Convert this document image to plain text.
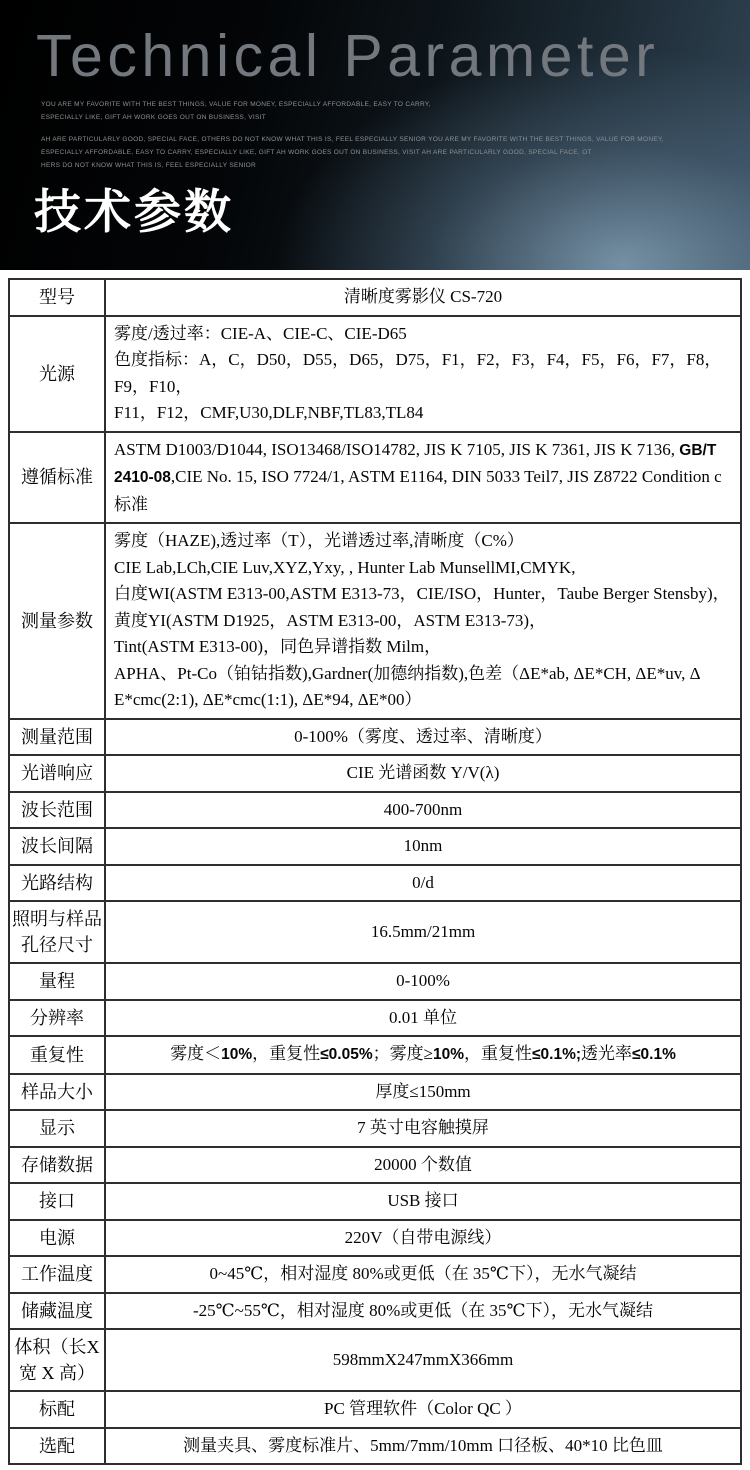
Technical Parameter
YOU ARE MY FAVORITE WITH THE BEST THINGS, VALUE FOR MONEY, ESPECIALLY AFFORDABLE, EASY TO CARRY,
ESPECIALLY LIKE, GIFT AH WORK GOES OUT ON BUSINESS, VISIT
AH ARE PARTICULARLY GOOD, SPECIAL FACE, OTHERS DO NOT KNOW WHAT THIS IS, FEEL ESPECIALLY SENIOR YOU ARE MY FAVORITE WITH THE BEST THINGS, VALUE FOR MONEY,
ESPECIALLY AFFORDABLE, EASY TO CARRY, ESPECIALLY LIKE, GIFT AH WORK GOES OUT ON BUSINESS, VISIT AH ARE PARTICULARLY GOOD, SPECIAL FACE, OT
HERS DO NOT KNOW WHAT THIS IS, FEEL ESPECIALLY SENIOR
技术参数
型号	清晰度雾影仪 CS-720

光源	雾度/透过率：CIE-A、CIE-C、CIE-D65
色度指标：A，C，D50，D55，D65，D75，F1，F2，F3，F4，F5，F6，F7，F8，F9，F10，
F11，F12，CMF,U30,DLF,NBF,TL83,TL84

遵循标准	ASTM D1003/D1044, ISO13468/ISO14782, JIS K 7105, JIS K 7361, JIS K 7136, GB/T 2410-08,CIE No. 15, ISO 7724/1, ASTM E1164, DIN 5033 Teil7, JIS Z8722 Condition c 标准

测量参数	
雾度（HAZE),透过率（T），光谱透过率,清晰度（C%）
CIE Lab,LCh,CIE Luv,XYZ,Yxy, , Hunter Lab MunsellMI,CMYK,
白度WI(ASTM E313-00,ASTM E313-73，CIE/ISO，Hunter，Taube Berger Stensby)，
黄度YI(ASTM D1925，ASTM E313-00，ASTM E313-73)，
Tint(ASTM E313-00)，同色异谱指数 Milm，
APHA、Pt-Co（铂钴指数),Gardner(加德纳指数),色差（ΔE*ab, ΔE*CH, ΔE*uv, Δ
E*cmc(2:1), ΔE*cmc(1:1), ΔE*94, ΔE*00）

测量范围	0-100%（雾度、透过率、清晰度）

光谱响应	CIE 光谱函数 Y/V(λ)

波长范围	400-700nm

波长间隔	10nm

光路结构	0/d

照明与样品
孔径尺寸	16.5mm/21mm

量程	0-100%

分辨率	0.01 单位

重复性	雾度＜10%，重复性≤0.05%；雾度≥10%，重复性≤0.1%;透光率≤0.1%

样品大小	厚度≤150mm

显示	7 英寸电容触摸屏

存储数据	20000 个数值

接口	USB 接口

电源	220V（自带电源线）

工作温度	0~45℃，相对湿度 80%或更低（在 35℃下），无水气凝结

储藏温度	-25℃~55℃，相对湿度 80%或更低（在 35℃下），无水气凝结

体积（长X
宽 X 高）	598mmX247mmX366mm

标配	PC 管理软件（Color QC ）

选配	测量夹具、雾度标准片、5mm/7mm/10mm 口径板、40*10 比色皿
